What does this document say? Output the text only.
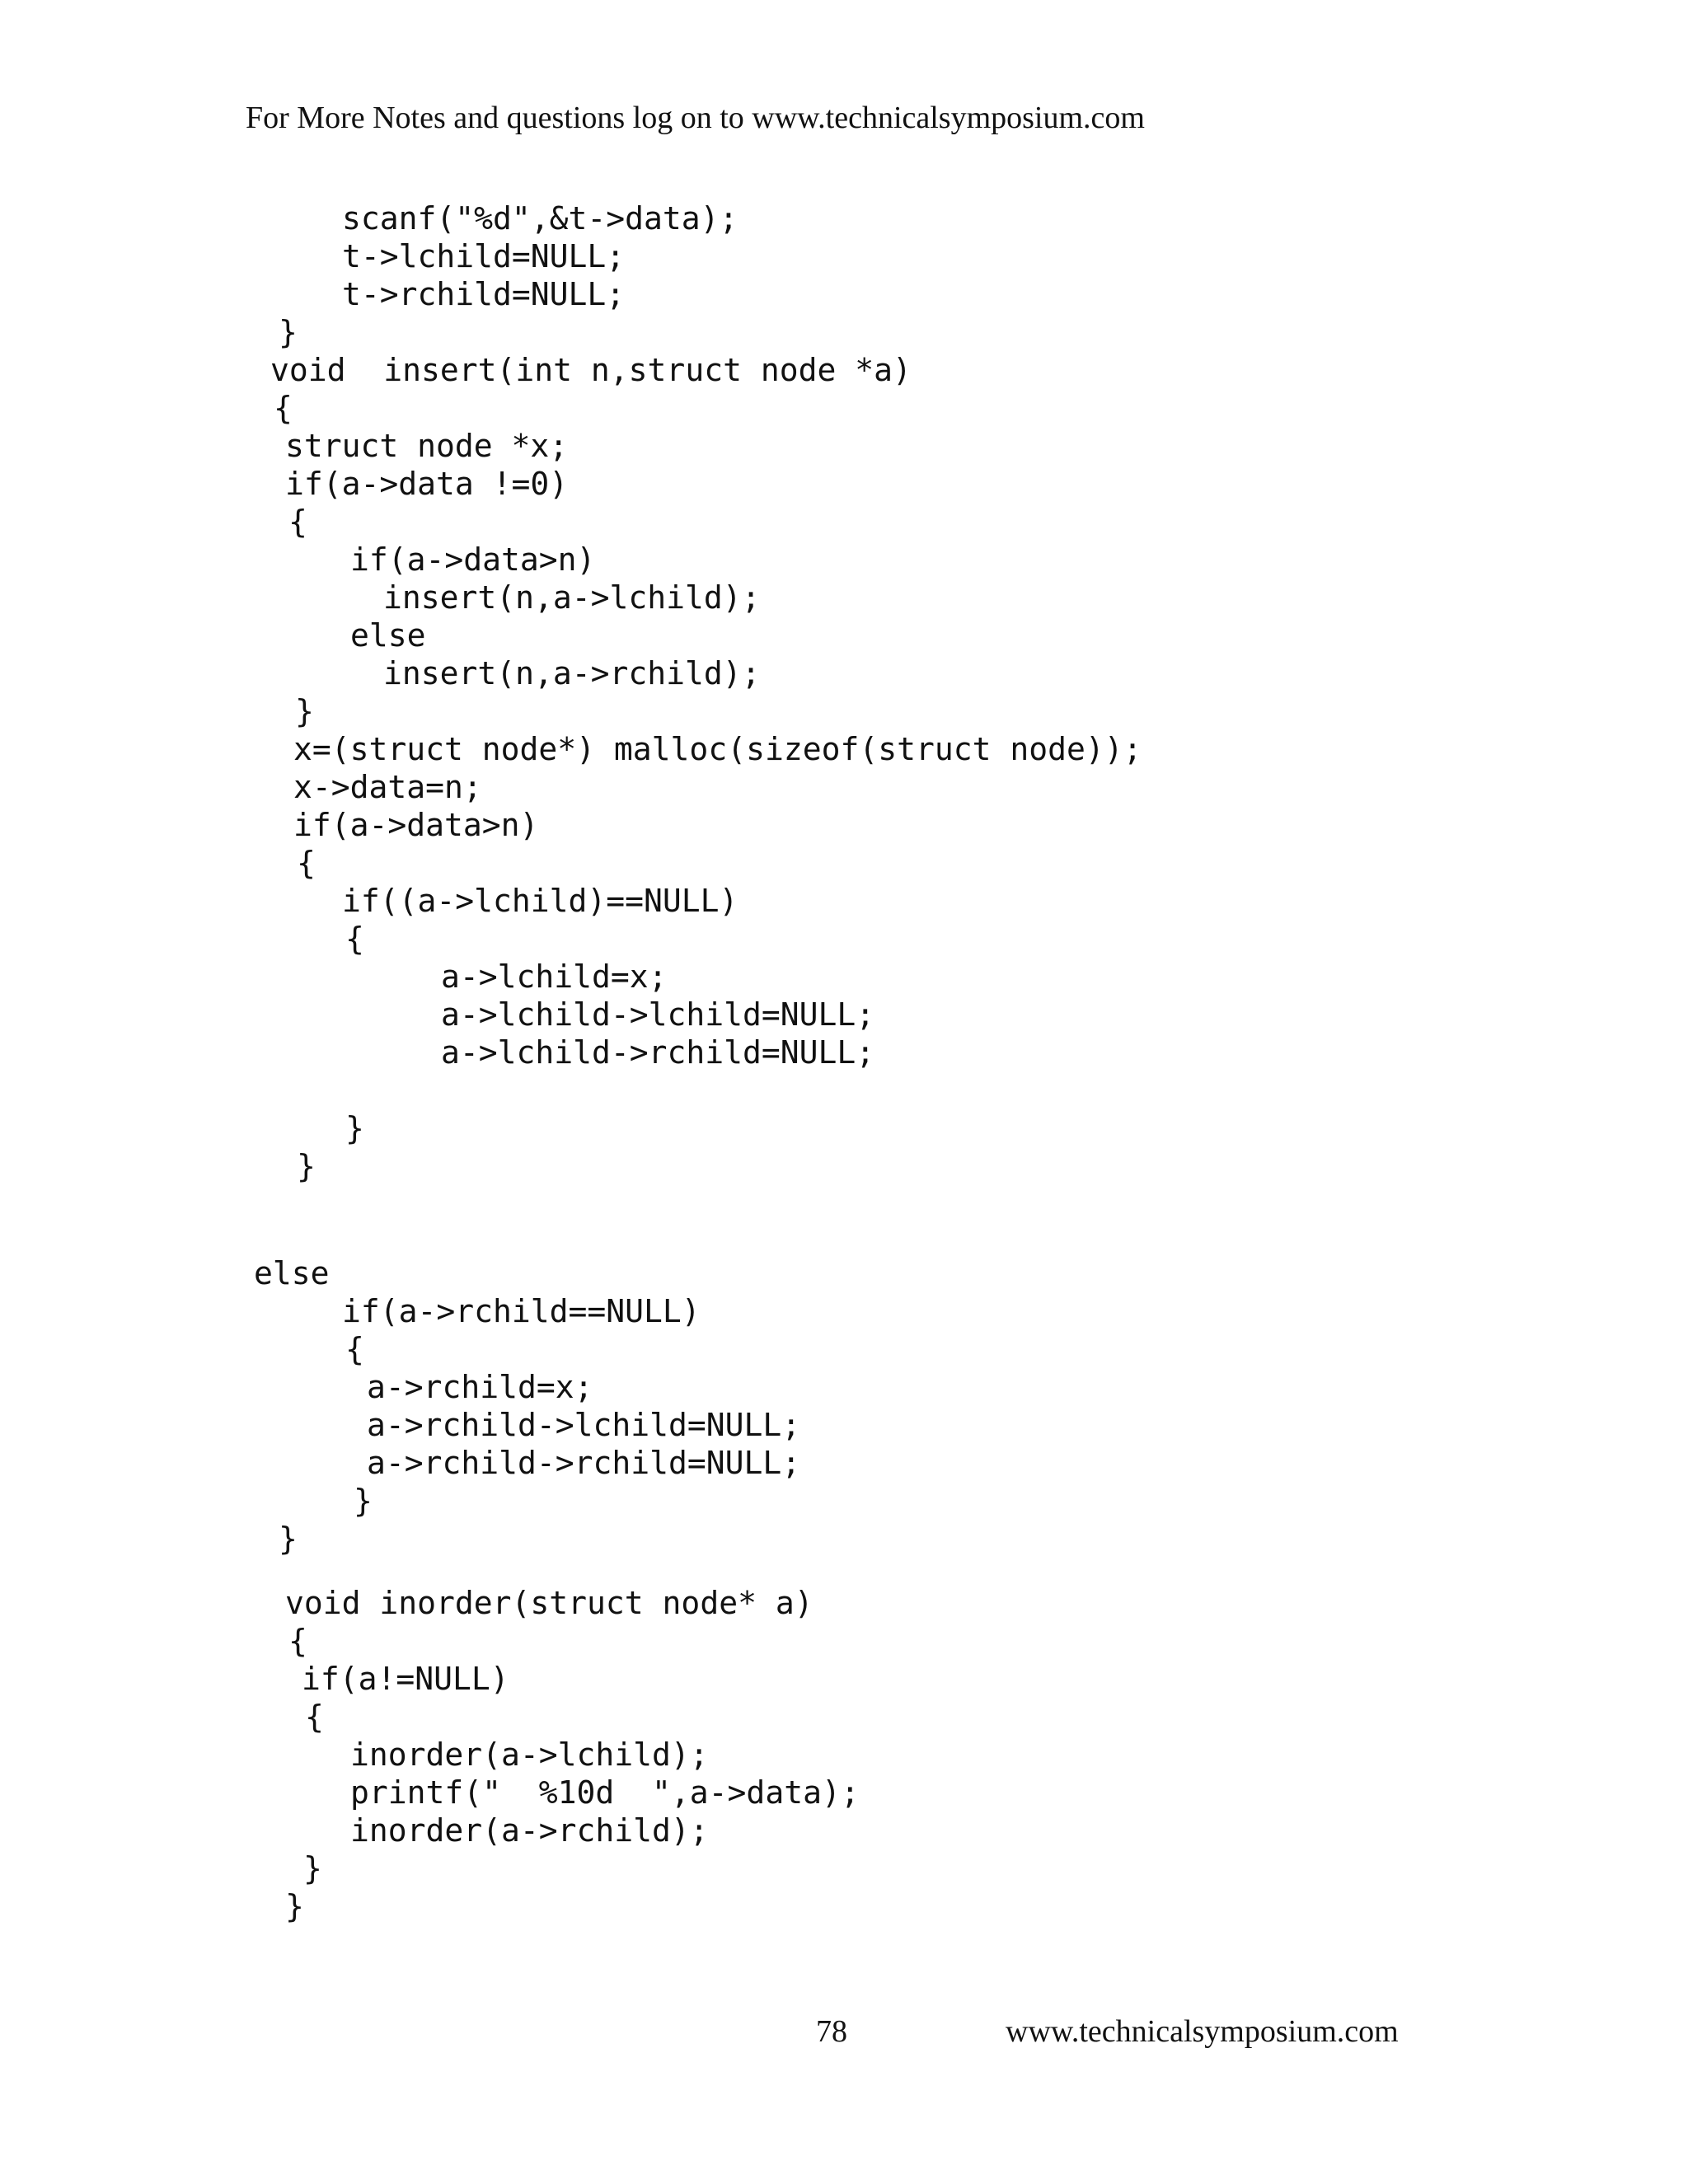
For More Notes and questions log on to www.technicalsymposium.com
scanf("%d",&t->data);
t->lchild=NULL;
t->rchild=NULL;
}
void  insert(int n,struct node *a)
{
struct node *x;
if(a->data !=0)
{
if(a->data>n)
insert(n,a->lchild);
else
insert(n,a->rchild);
}
x=(struct node*) malloc(sizeof(struct node));
x->data=n;
if(a->data>n)
{
if((a->lchild)==NULL)
{
a->lchild=x;
a->lchild->lchild=NULL;
a->lchild->rchild=NULL;
}
}
else
if(a->rchild==NULL)
{
a->rchild=x;
a->rchild->lchild=NULL;
a->rchild->rchild=NULL;
}
}
void inorder(struct node* a)
{
if(a!=NULL)
{
inorder(a->lchild);
printf("  %10d  ",a->data);
inorder(a->rchild);
}
}
78	www.technicalsymposium.com
